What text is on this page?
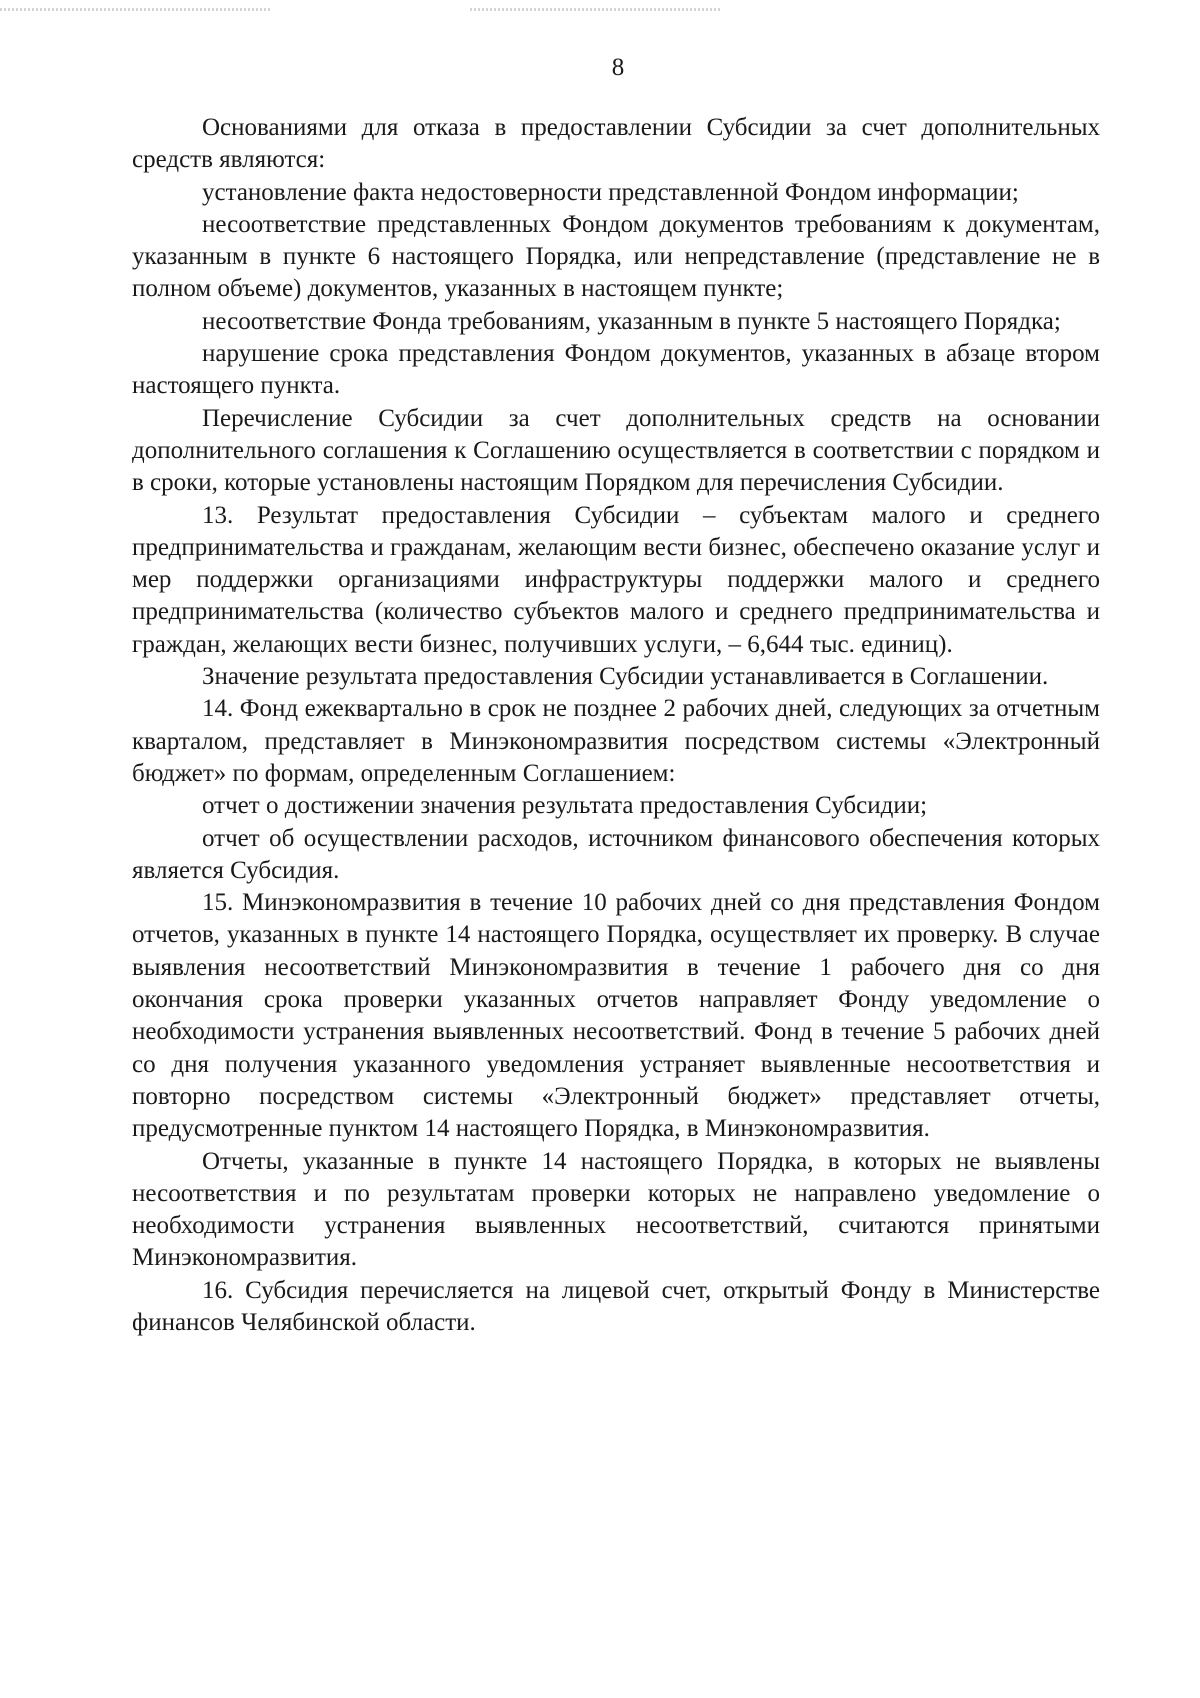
8

Основаниями для отказа в предоставлении Субсидии за счет дополнительных средств являются:

установление факта недостоверности представленной Фондом информации;

несоответствие представленных Фондом документов требованиям к документам, указанным в пункте 6 настоящего Порядка, или непредставление (представление не в полном объеме) документов, указанных в настоящем пункте;

несоответствие Фонда требованиям, указанным в пункте 5 настоящего Порядка;

нарушение срока представления Фондом документов, указанных в абзаце втором настоящего пункта.

Перечисление Субсидии за счет дополнительных средств на основании дополнительного соглашения к Соглашению осуществляется в соответствии с порядком и в сроки, которые установлены настоящим Порядком для перечисления Субсидии.

13. Результат предоставления Субсидии – субъектам малого и среднего предпринимательства и гражданам, желающим вести бизнес, обеспечено оказание услуг и мер поддержки организациями инфраструктуры поддержки малого и среднего предпринимательства (количество субъектов малого и среднего предпринимательства и граждан, желающих вести бизнес, получивших услуги, – 6,644 тыс. единиц).

Значение результата предоставления Субсидии устанавливается в Соглашении.

14. Фонд ежеквартально в срок не позднее 2 рабочих дней, следующих за отчетным кварталом, представляет в Минэкономразвития посредством системы «Электронный бюджет» по формам, определенным Соглашением:

отчет о достижении значения результата предоставления Субсидии;

отчет об осуществлении расходов, источником финансового обеспечения которых является Субсидия.

15. Минэкономразвития в течение 10 рабочих дней со дня представления Фондом отчетов, указанных в пункте 14 настоящего Порядка, осуществляет их проверку. В случае выявления несоответствий Минэкономразвития в течение 1 рабочего дня со дня окончания срока проверки указанных отчетов направляет Фонду уведомление о необходимости устранения выявленных несоответствий. Фонд в течение 5 рабочих дней со дня получения указанного уведомления устраняет выявленные несоответствия и повторно посредством системы «Электронный бюджет» представляет отчеты, предусмотренные пунктом 14 настоящего Порядка, в Минэкономразвития.

Отчеты, указанные в пункте 14 настоящего Порядка, в которых не выявлены несоответствия и по результатам проверки которых не направлено уведомление о необходимости устранения выявленных несоответствий, считаются принятыми Минэкономразвития.

16. Субсидия перечисляется на лицевой счет, открытый Фонду в Министерстве финансов Челябинской области.
